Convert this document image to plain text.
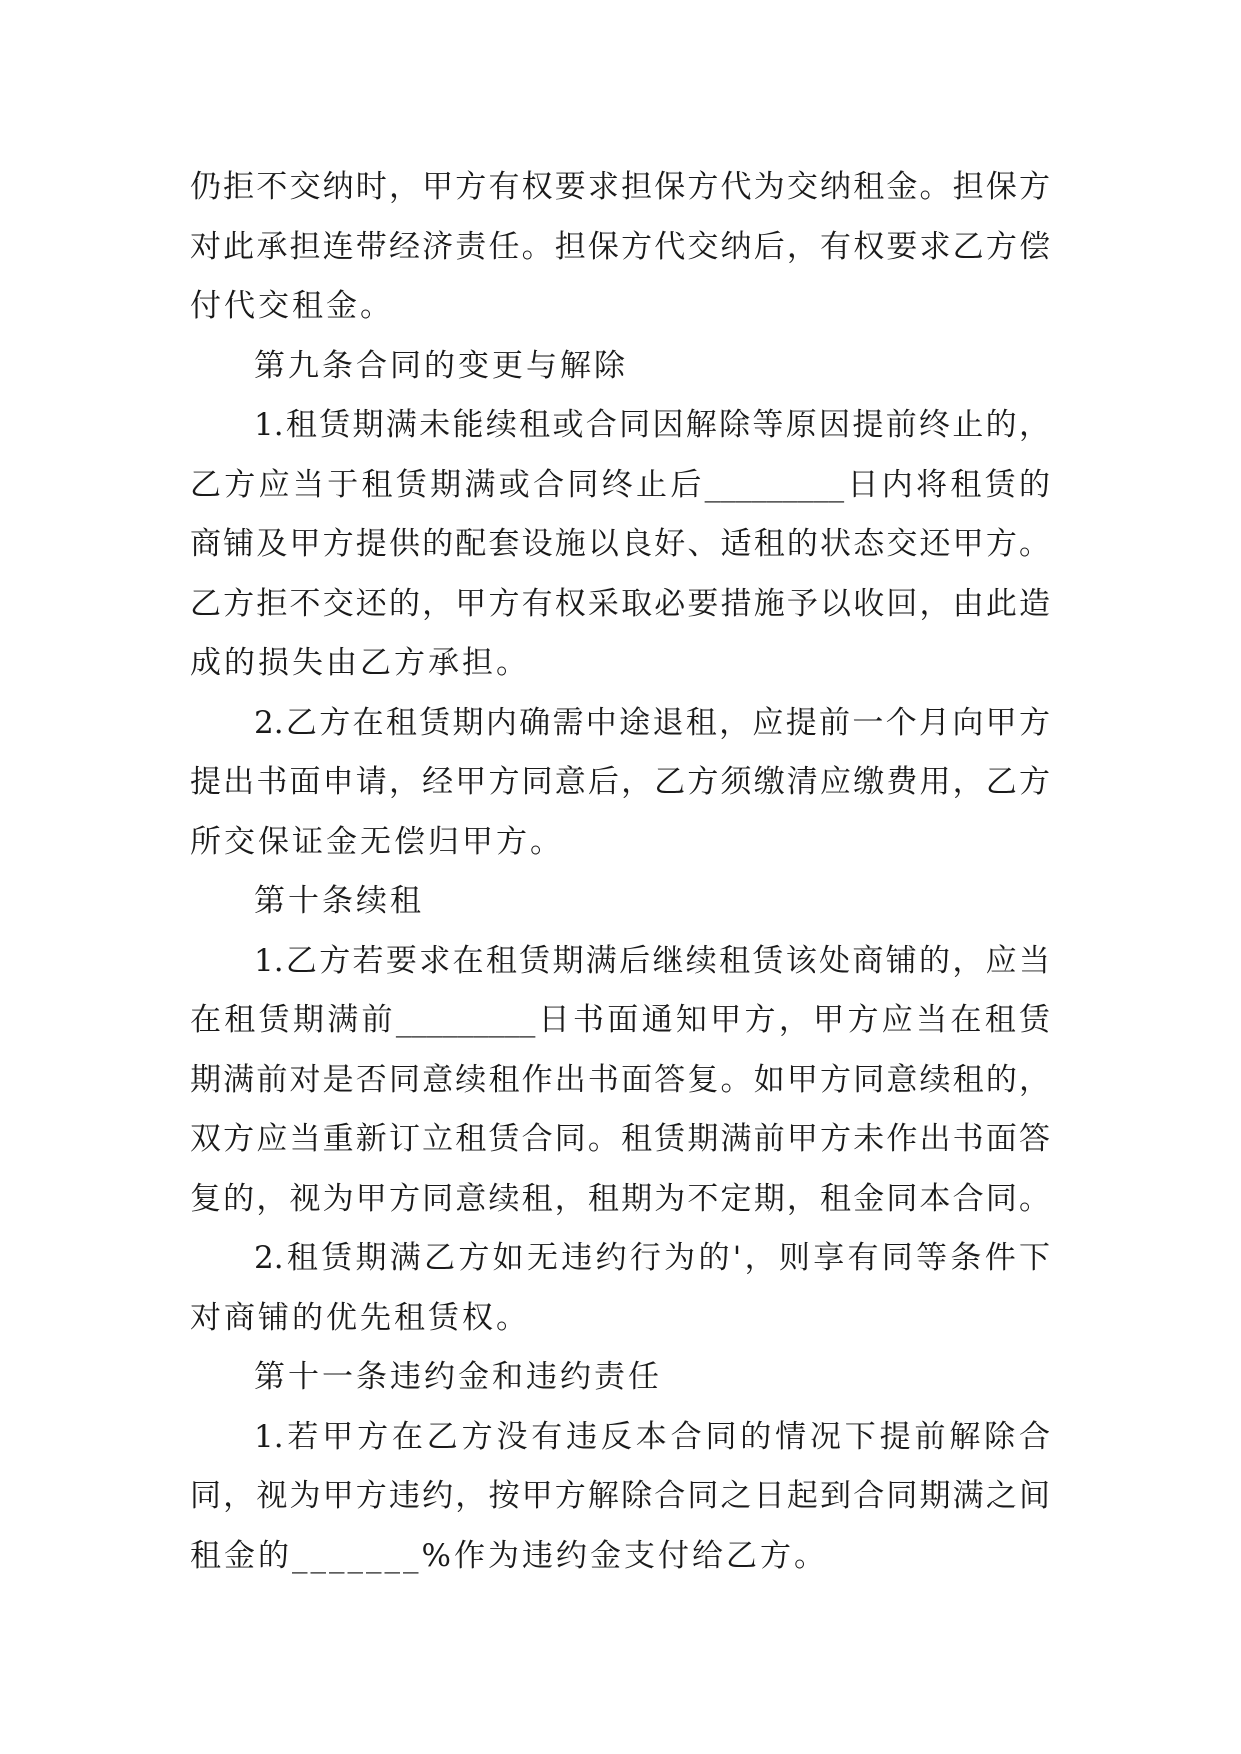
仍拒不交纳时，甲方有权要求担保方代为交纳租金。担保方
对此承担连带经济责任。担保方代交纳后，有权要求乙方偿
付代交租金。
第九条合同的变更与解除
1.租赁期满未能续租或合同因解除等原因提前终止的，
乙方应当于租赁期满或合同终止后_________日内将租赁的
商铺及甲方提供的配套设施以良好、适租的状态交还甲方。
乙方拒不交还的，甲方有权采取必要措施予以收回，由此造
成的损失由乙方承担。
2.乙方在租赁期内确需中途退租，应提前一个月向甲方
提出书面申请，经甲方同意后，乙方须缴清应缴费用，乙方
所交保证金无偿归甲方。
第十条续租
1.乙方若要求在租赁期满后继续租赁该处商铺的，应当
在租赁期满前_________日书面通知甲方，甲方应当在租赁
期满前对是否同意续租作出书面答复。如甲方同意续租的，
双方应当重新订立租赁合同。租赁期满前甲方未作出书面答
复的，视为甲方同意续租，租期为不定期，租金同本合同。
2.租赁期满乙方如无违约行为的'，则享有同等条件下
对商铺的优先租赁权。
第十一条违约金和违约责任
1.若甲方在乙方没有违反本合同的情况下提前解除合
同，视为甲方违约，按甲方解除合同之日起到合同期满之间
租金的_______%作为违约金支付给乙方。
